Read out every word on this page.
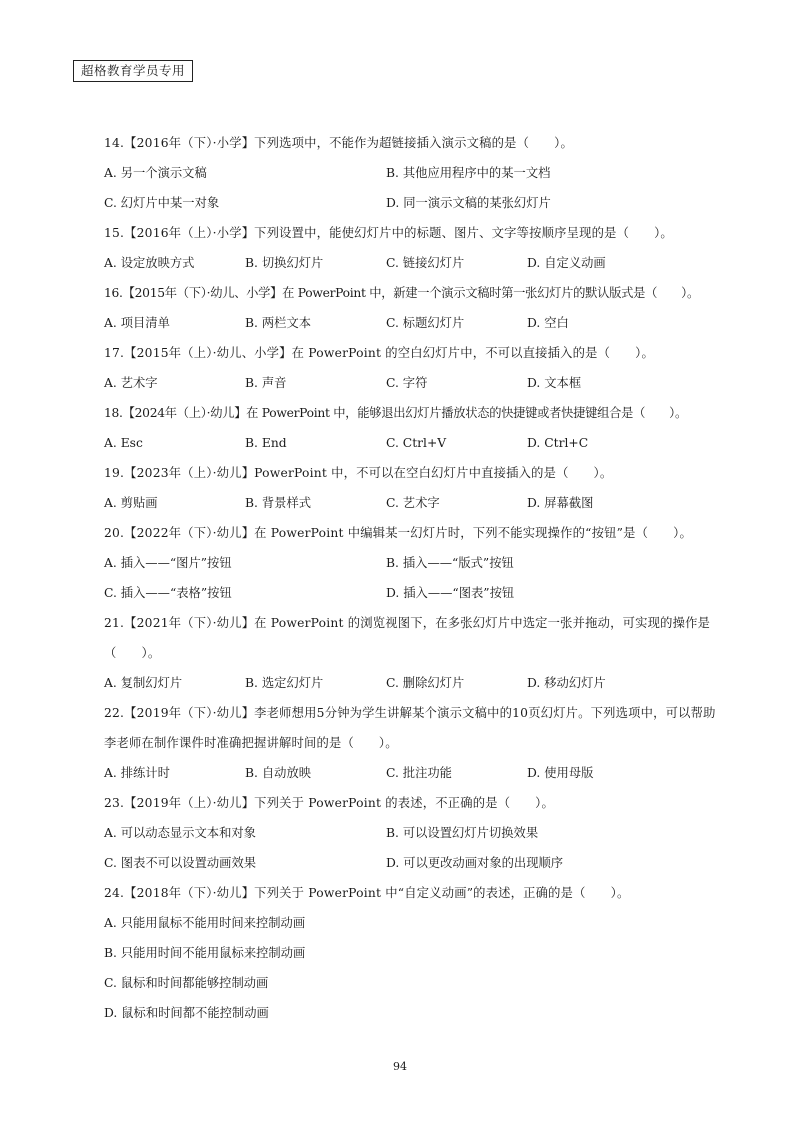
超格教育学员专用
14.【2016年（下）·小学】下列选项中，不能作为超链接插入演示文稿的是（　　）。
A. 另一个演示文稿	B. 其他应用程序中的某一文档
C. 幻灯片中某一对象	D. 同一演示文稿的某张幻灯片
15.【2016年（上）·小学】下列设置中，能使幻灯片中的标题、图片、文字等按顺序呈现的是（　　）。
A. 设定放映方式	B. 切换幻灯片	C. 链接幻灯片	D. 自定义动画
16.【2015年（下）·幼儿、小学】在 PowerPoint 中，新建一个演示文稿时第一张幻灯片的默认版式是（　　）。
A. 项目清单	B. 两栏文本	C. 标题幻灯片	D. 空白
17.【2015年（上）·幼儿、小学】在 PowerPoint 的空白幻灯片中，不可以直接插入的是（　　）。
A. 艺术字	B. 声音	C. 字符	D. 文本框
18.【2024年（上）·幼儿】在 PowerPoint 中，能够退出幻灯片播放状态的快捷键或者快捷键组合是（　　）。
A. Esc	B. End	C. Ctrl+V	D. Ctrl+C
19.【2023年（上）·幼儿】PowerPoint 中，不可以在空白幻灯片中直接插入的是（　　）。
A. 剪贴画	B. 背景样式	C. 艺术字	D. 屏幕截图
20.【2022年（下）·幼儿】在 PowerPoint 中编辑某一幻灯片时，下列不能实现操作的“按钮”是（　　）。
A. 插入——“图片”按钮	B. 插入——“版式”按钮
C. 插入——“表格”按钮	D. 插入——“图表”按钮
21.【2021年（下）·幼儿】在 PowerPoint 的浏览视图下，在多张幻灯片中选定一张并拖动，可实现的操作是（　　）。
A. 复制幻灯片	B. 选定幻灯片	C. 删除幻灯片	D. 移动幻灯片
22.【2019年（下）·幼儿】李老师想用5分钟为学生讲解某个演示文稿中的10页幻灯片。下列选项中，可以帮助李老师在制作课件时准确把握讲解时间的是（　　）。
A. 排练计时	B. 自动放映	C. 批注功能	D. 使用母版
23.【2019年（上）·幼儿】下列关于 PowerPoint 的表述，不正确的是（　　）。
A. 可以动态显示文本和对象	B. 可以设置幻灯片切换效果
C. 图表不可以设置动画效果	D. 可以更改动画对象的出现顺序
24.【2018年（下）·幼儿】下列关于 PowerPoint 中“自定义动画”的表述，正确的是（　　）。
A. 只能用鼠标不能用时间来控制动画
B. 只能用时间不能用鼠标来控制动画
C. 鼠标和时间都能够控制动画
D. 鼠标和时间都不能控制动画
94
